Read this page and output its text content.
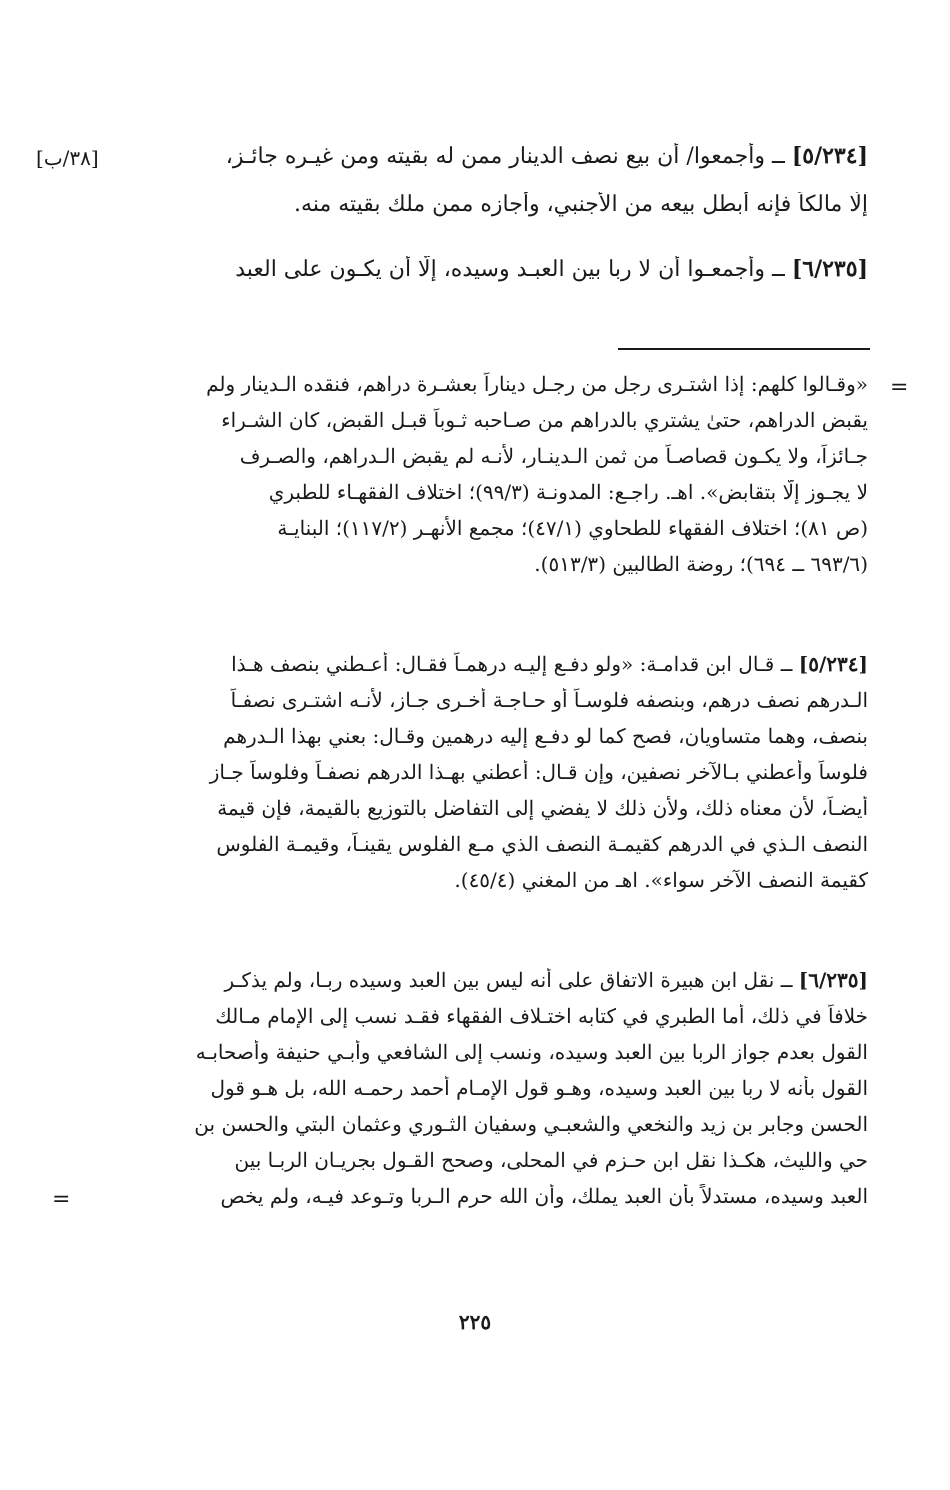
[٣٨/ب]	[٥/٢٣٤] ــ وأجمعوا/ أن بيع نصف الدينار ممن له بقيته ومن غيـره جائـز،
إلَّا مالكاً فإنه أبطل بيعه من الأجنبي، وأجازه ممن ملك بقيته منه.
[٦/٢٣٥] ــ وأجمعـوا أن لا ربا بين العبـد وسيده، إلَّا أن يكـون على العبد
=
«وقـالوا كلهم: إذا اشتـرى رجل من رجـل ديناراً بعشـرة دراهم، فنقده الـدينار ولم
يقبض الدراهم، حتىٰ يشتري بالدراهم من صـاحبه ثـوباً قبـل القبض، كان الشـراء
جـائزاً، ولا يكـون قصاصـاً من ثمن الـدينـار، لأنـه لم يقبض الـدراهم، والصـرف
لا يجـوز إلَّا بتقابض». اهـ. راجـع: المدونـة (٩٩/٣)؛ اختلاف الفقهـاء للطبري
(ص ٨١)؛ اختلاف الفقهاء للطحاوي (٤٧/١)؛ مجمع الأنهـر (١١٧/٢)؛ البنايـة
(٦٩٣/٦ ــ ٦٩٤)؛ روضة الطالبين (٥١٣/٣).
[٥/٢٣٤] ــ قـال ابن قدامـة: «ولو دفـع إليـه درهمـاً فقـال: أعـطني بنصف هـذا
الـدرهم نصف درهم، وبنصفه فلوسـاً أو حـاجـة أخـرى جـاز، لأنـه اشتـرى نصفـاً
بنصف، وهما متساويان، فصح كما لو دفـع إليه درهمين وقـال: بعني بهذا الـدرهم
فلوساً وأعطني بـالآخر نصفين، وإن قـال: أعطني بهـذا الدرهم نصفـاً وفلوساً جـاز
أيضـاً، لأن معناه ذلك، ولأن ذلك لا يفضي إلى التفاضل بالتوزيع بالقيمة، فإن قيمة
النصف الـذي في الدرهم كقيمـة النصف الذي مـع الفلوس يقينـاً، وقيمـة الفلوس
كقيمة النصف الآخر سواء». اهـ من المغني (٤٥/٤).
[٦/٢٣٥] ــ نقل ابن هبيرة الاتفاق على أنه ليس بين العبد وسيده ربـا، ولم يذكـر
خلافاً في ذلك، أما الطبري في كتابه اختـلاف الفقهاء فقـد نسب إلى الإمام مـالك
القول بعدم جواز الربا بين العبد وسيده، ونسب إلى الشافعي وأبـي حنيفة وأصحابـه
القول بأنه لا ربا بين العبد وسيده، وهـو قول الإمـام أحمد رحمـه الله، بل هـو قول
الحسن وجابر بن زيد والنخعي والشعبـي وسفيان الثـوري وعثمان البتي والحسن بن
حي والليث، هكـذا نقل ابن حـزم في المحلى، وصحح القـول بجريـان الربـا بين
العبد وسيده، مستدلاً بأن العبد يملك، وأن الله حرم الـربا وتـوعد فيـه، ولم يخص
=
٢٢٥
